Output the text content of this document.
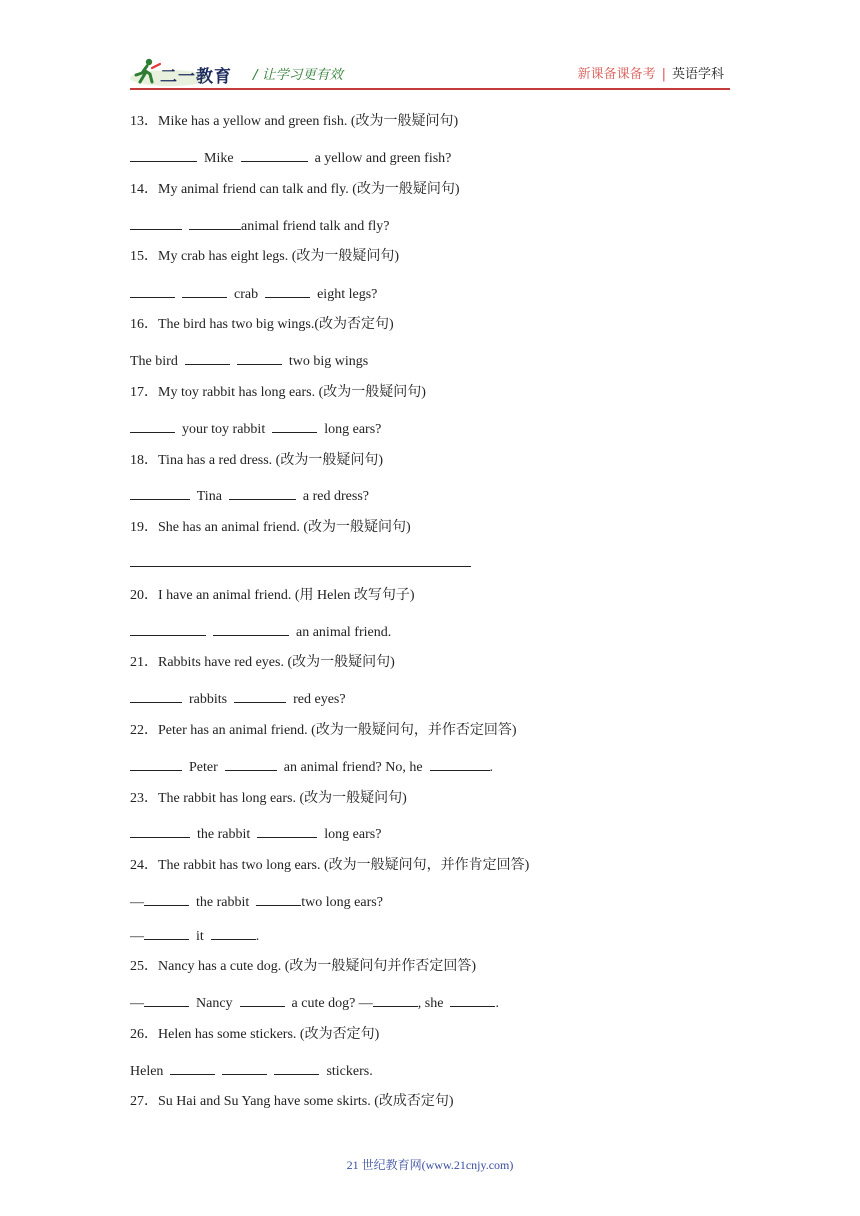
二一教育 / 让学习更有效	新课备课备考 | 英语学科
13．Mike has a yellow and green fish. (改为一般疑问句)
Mike	a yellow and green fish?
14．My animal friend can talk and fly. (改为一般疑问句)
animal friend talk and fly?
15．My crab has eight legs. (改为一般疑问句)
crab	eight legs?
16．The bird has two big wings.(改为否定句)
The bird	two big wings
17．My toy rabbit has long ears. (改为一般疑问句)
your toy rabbit	long ears?
18．Tina has a red dress. (改为一般疑问句)
Tina	a red dress?
19．She has an animal friend. (改为一般疑问句)
20．I have an animal friend. (用 Helen 改写句子)
an animal friend.
21．Rabbits have red eyes. (改为一般疑问句)
rabbits	red eyes?
22．Peter has an animal friend. (改为一般疑问句，并作否定回答)
Peter	an animal friend? No, he	.
23．The rabbit has long ears. (改为一般疑问句)
the rabbit	long ears?
24．The rabbit has two long ears. (改为一般疑问句，并作肯定回答)
—	the rabbit	two long ears?
—	it	.
25．Nancy has a cute dog. (改为一般疑问句并作否定回答)
—	Nancy	a cute dog? —	, she	.
26．Helen has some stickers. (改为否定句)
Helen	stickers.
27．Su Hai and Su Yang have some skirts. (改成否定句)
21 世纪教育网(www.21cnjy.com)
